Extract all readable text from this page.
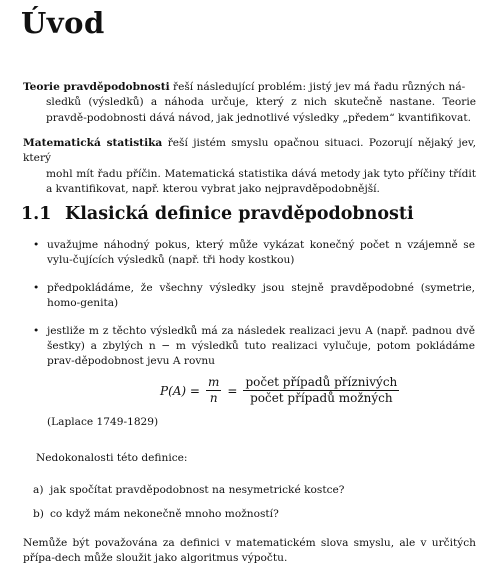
Úvod

Teorie pravděpodobnosti řeší následující problém: jistý jev má řadu různých ná-

sledků (výsledků) a náhoda určuje, který z nich skutečně nastane. Teorie pravdě-podobnosti dává návod, jak jednotlivé výsledky „předem“ kvantifikovat.

Matematická statistika řeší jistém smyslu opačnou situaci. Pozorují nějaký jev, který

mohl mít řadu příčin. Matematická statistika dává metody jak tyto příčiny třídit a kvantifikovat, např. kterou vybrat jako nejpravděpodobnější.

1.1 Klasická definice pravděpodobnosti
• uvažujme náhodný pokus, který může vykázat konečný počet n vzájemně se vylu-čujících výsledků (např. tři hody kostkou)
• předpokládáme, že všechny výsledky jsou stejně pravděpodobné (symetrie, homo-genita)
• jestliže m z těchto výsledků má za následek realizaci jevu A (např. padnou dvě šestky) a zbylých n − m výsledků tuto realizaci vylučuje, potom pokládáme prav-děpodobnost jevu A rovnu
$P(A) = \frac{m}{n} = \frac{\text{počet případů příznivých}}{\text{počet případů možných}}$
(Laplace 1749-1829)
Nedokonalosti této definice:
a) jak spočítat pravděpodobnost na nesymetrické kostce?
b) co když mám nekonečně mnoho možností?

Nemůže být považována za definici v matematickém slova smyslu, ale v určitých přípa-dech může sloužit jako algoritmus výpočtu.
